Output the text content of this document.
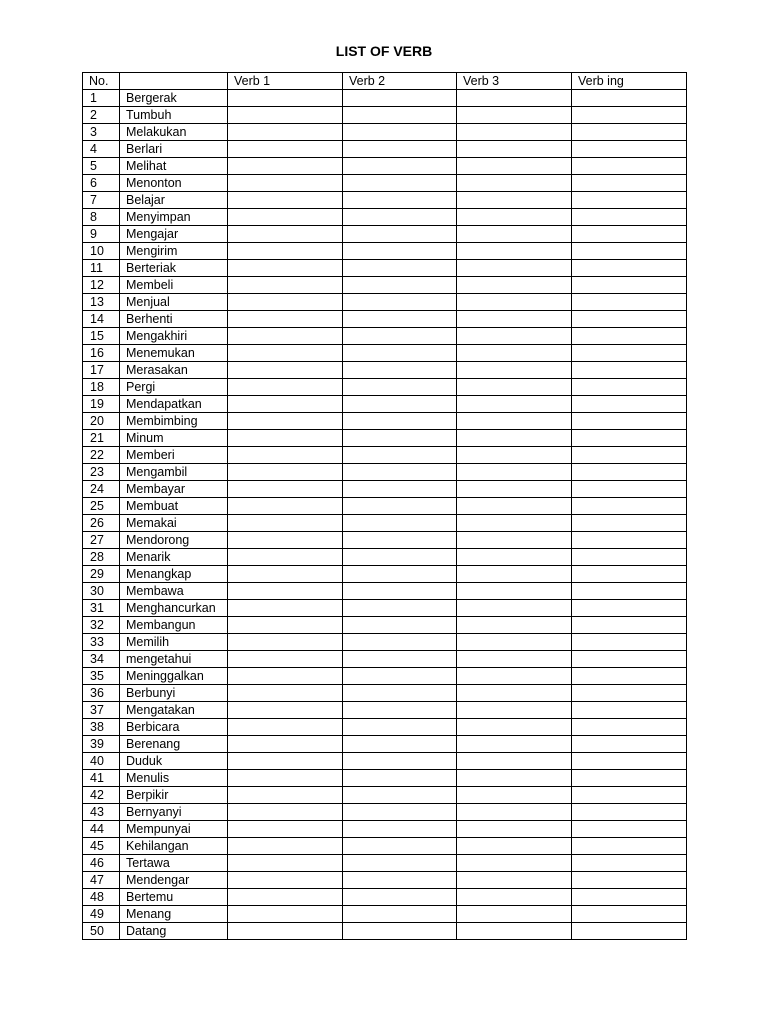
LIST OF VERB
No.		Verb 1	Verb 2	Verb 3	Verb ing
1	Bergerak				
2	Tumbuh				
3	Melakukan				
4	Berlari				
5	Melihat				
6	Menonton				
7	Belajar				
8	Menyimpan				
9	Mengajar				
10	Mengirim				
11	Berteriak				
12	Membeli				
13	Menjual				
14	Berhenti				
15	Mengakhiri				
16	Menemukan				
17	Merasakan				
18	Pergi				
19	Mendapatkan				
20	Membimbing				
21	Minum				
22	Memberi				
23	Mengambil				
24	Membayar				
25	Membuat				
26	Memakai				
27	Mendorong				
28	Menarik				
29	Menangkap				
30	Membawa				
31	Menghancurkan				
32	Membangun				
33	Memilih				
34	mengetahui				
35	Meninggalkan				
36	Berbunyi				
37	Mengatakan				
38	Berbicara				
39	Berenang				
40	Duduk				
41	Menulis				
42	Berpikir				
43	Bernyanyi				
44	Mempunyai				
45	Kehilangan				
46	Tertawa				
47	Mendengar				
48	Bertemu				
49	Menang				
50	Datang				
